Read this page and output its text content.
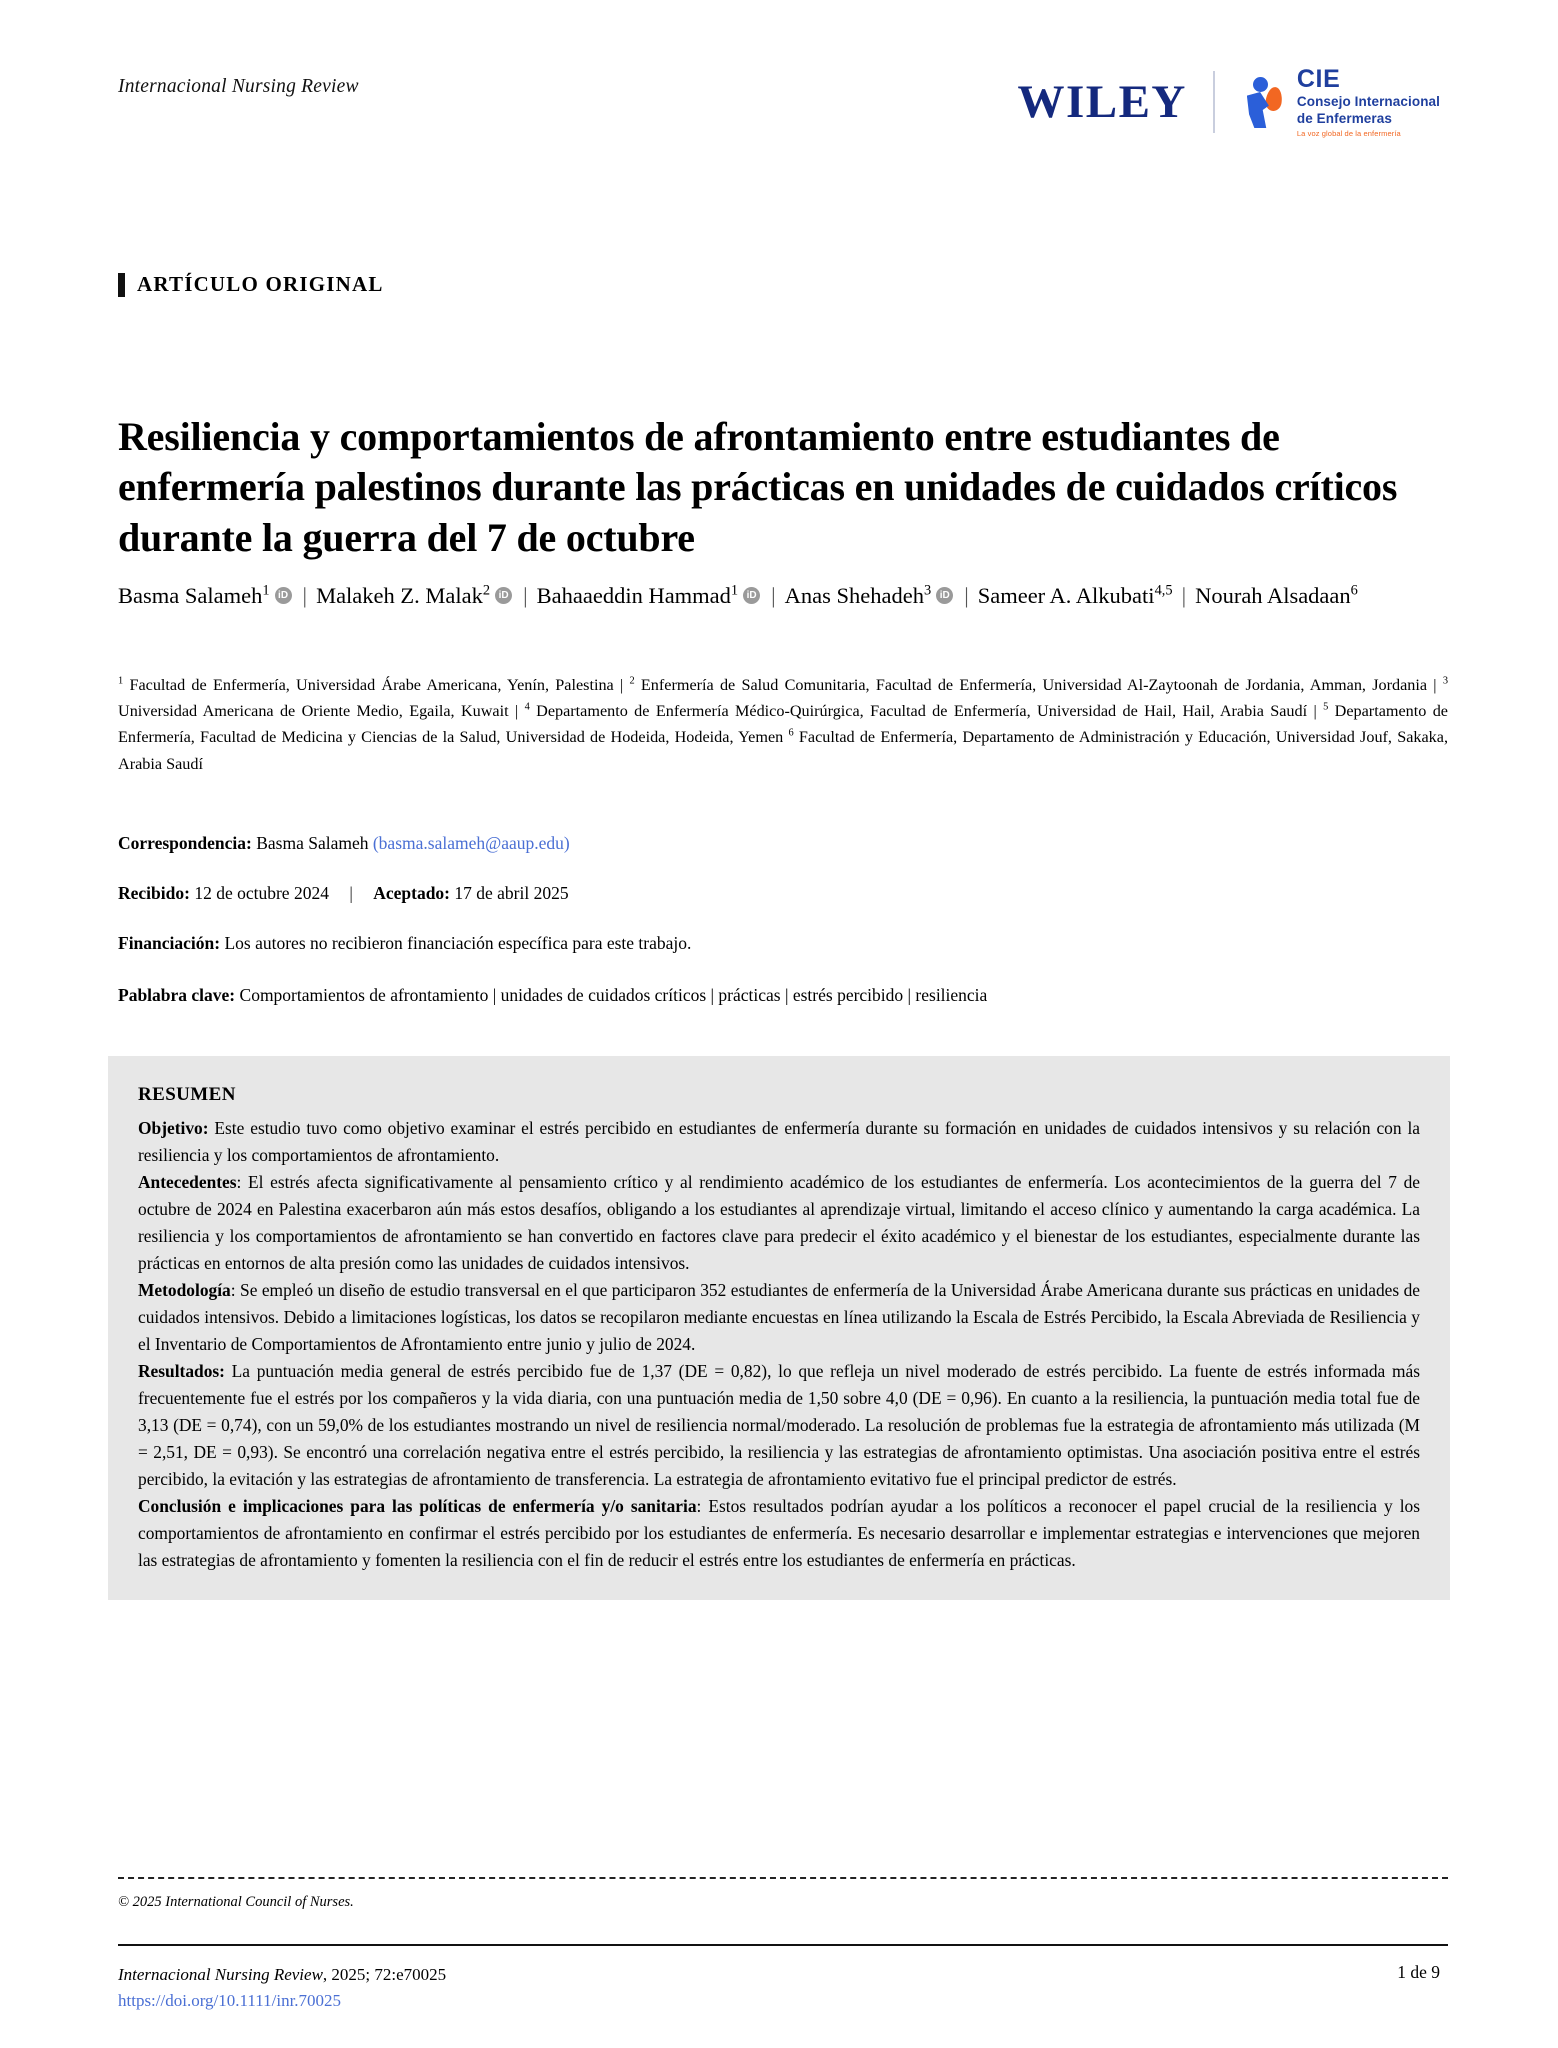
Internacional Nursing Review	WILEY	CIE
Consejo Internacional
de Enfermeras
La voz global de la enfermería
ARTÍCULO ORIGINAL
Resiliencia y comportamientos de afrontamiento entre estudiantes de enfermería palestinos durante las prácticas en unidades de cuidados críticos durante la guerra del 7 de octubre
Basma Salameh$^1$ iD | Malakeh Z. Malak$^2$ iD | Bahaaeddin Hammad$^1$ iD | Anas Shehadeh$^3$ iD | Sameer A. Alkubati$^{4,5}$ | Nourah Alsadaan$^6$
$^1$ Facultad de Enfermería, Universidad Árabe Americana, Yenín, Palestina | $^2$ Enfermería de Salud Comunitaria, Facultad de Enfermería, Universidad Al-Zaytoonah de Jordania, Amman, Jordania | $^3$ Universidad Americana de Oriente Medio, Egaila, Kuwait | $^4$ Departamento de Enfermería Médico-Quirúrgica, Facultad de Enfermería, Universidad de Hail, Hail, Arabia Saudí | $^5$ Departamento de Enfermería, Facultad de Medicina y Ciencias de la Salud, Universidad de Hodeida, Hodeida, Yemen $^6$ Facultad de Enfermería, Departamento de Administración y Educación, Universidad Jouf, Sakaka, Arabia Saudí
Correspondencia: Basma Salameh (basma.salameh@aaup.edu)
Recibido: 12 de octubre 2024 | Aceptado: 17 de abril 2025
Financiación: Los autores no recibieron financiación específica para este trabajo.
Pablabra clave: Comportamientos de afrontamiento | unidades de cuidados críticos | prácticas | estrés percibido | resiliencia
RESUMEN

Objetivo: Este estudio tuvo como objetivo examinar el estrés percibido en estudiantes de enfermería durante su formación en unidades de cuidados intensivos y su relación con la resiliencia y los comportamientos de afrontamiento.

Antecedentes: El estrés afecta significativamente al pensamiento crítico y al rendimiento académico de los estudiantes de enfermería. Los acontecimientos de la guerra del 7 de octubre de 2024 en Palestina exacerbaron aún más estos desafíos, obligando a los estudiantes al aprendizaje virtual, limitando el acceso clínico y aumentando la carga académica. La resiliencia y los comportamientos de afrontamiento se han convertido en factores clave para predecir el éxito académico y el bienestar de los estudiantes, especialmente durante las prácticas en entornos de alta presión como las unidades de cuidados intensivos.

Metodología: Se empleó un diseño de estudio transversal en el que participaron 352 estudiantes de enfermería de la Universidad Árabe Americana durante sus prácticas en unidades de cuidados intensivos. Debido a limitaciones logísticas, los datos se recopilaron mediante encuestas en línea utilizando la Escala de Estrés Percibido, la Escala Abreviada de Resiliencia y el Inventario de Comportamientos de Afrontamiento entre junio y julio de 2024.

Resultados: La puntuación media general de estrés percibido fue de 1,37 (DE = 0,82), lo que refleja un nivel moderado de estrés percibido. La fuente de estrés informada más frecuentemente fue el estrés por los compañeros y la vida diaria, con una puntuación media de 1,50 sobre 4,0 (DE = 0,96). En cuanto a la resiliencia, la puntuación media total fue de 3,13 (DE = 0,74), con un 59,0% de los estudiantes mostrando un nivel de resiliencia normal/moderado. La resolución de problemas fue la estrategia de afrontamiento más utilizada (M = 2,51, DE = 0,93). Se encontró una correlación negativa entre el estrés percibido, la resiliencia y las estrategias de afrontamiento optimistas. Una asociación positiva entre el estrés percibido, la evitación y las estrategias de afrontamiento de transferencia. La estrategia de afrontamiento evitativo fue el principal predictor de estrés.

Conclusión e implicaciones para las políticas de enfermería y/o sanitaria: Estos resultados podrían ayudar a los políticos a reconocer el papel crucial de la resiliencia y los comportamientos de afrontamiento en confirmar el estrés percibido por los estudiantes de enfermería. Es necesario desarrollar e implementar estrategias e intervenciones que mejoren las estrategias de afrontamiento y fomenten la resiliencia con el fin de reducir el estrés entre los estudiantes de enfermería en prácticas.

© 2025 International Council of Nurses.
Internacional Nursing Review, 2025; 72:e70025
https://doi.org/10.1111/inr.70025
1 de 9
